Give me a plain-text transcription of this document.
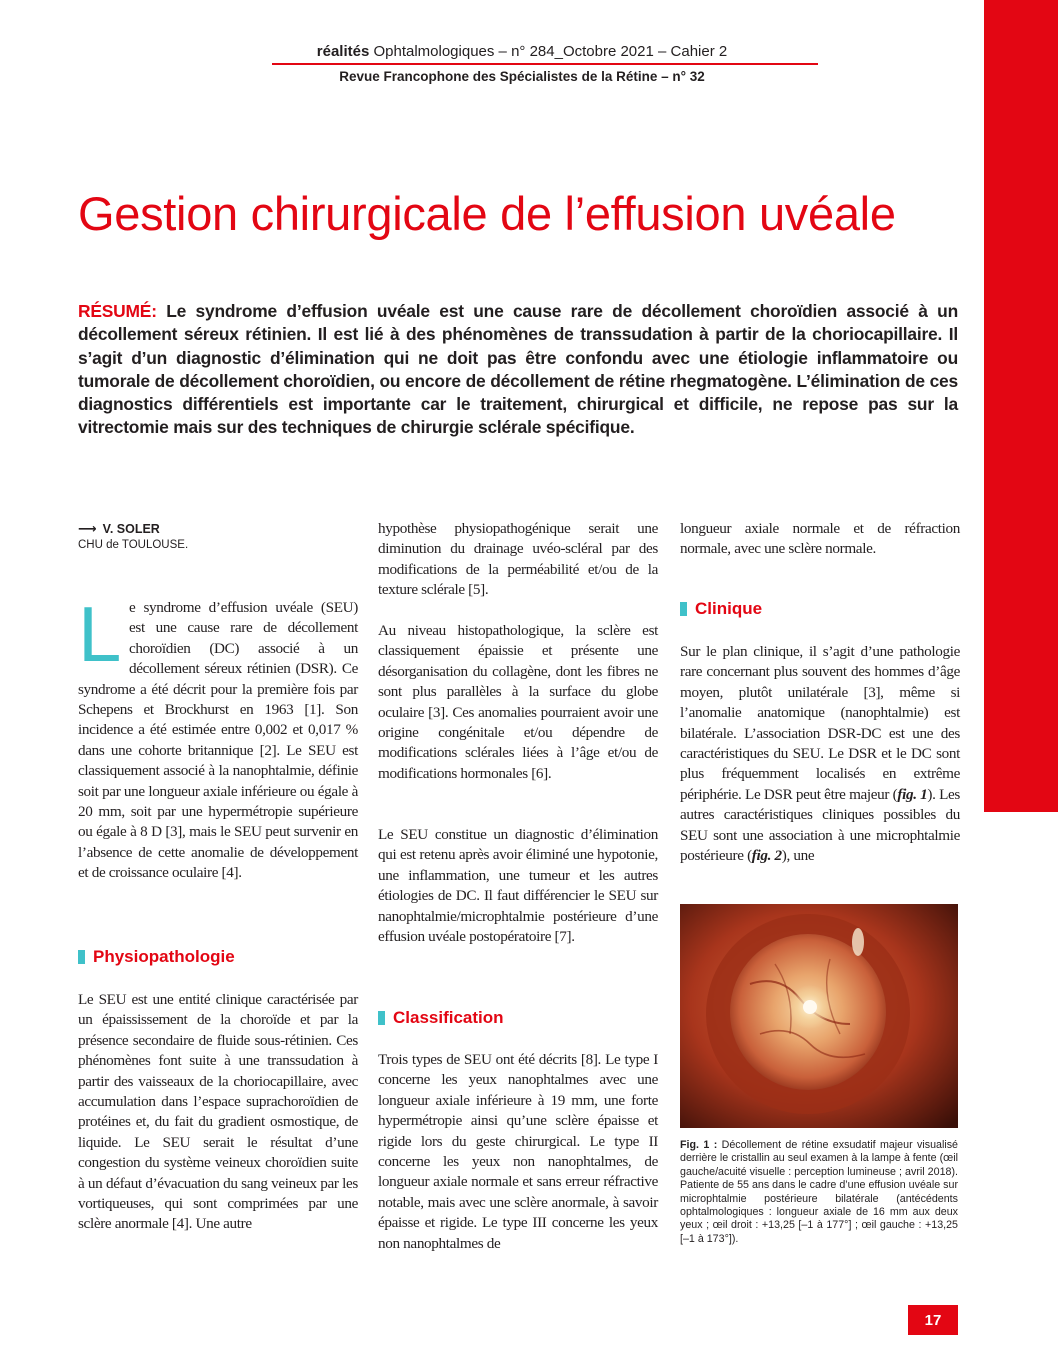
réalités Ophtalmologiques – n° 284_Octobre 2021 – Cahier 2
Revue Francophone des Spécialistes de la Rétine – n° 32
Gestion chirurgicale de l’effusion uvéale
RÉSUMÉ: Le syndrome d’effusion uvéale est une cause rare de décollement choroïdien associé à un décollement séreux rétinien. Il est lié à des phénomènes de transsudation à partir de la choriocapillaire. Il s’agit d’un diagnostic d’élimination qui ne doit pas être confondu avec une étiologie inflammatoire ou tumorale de décollement choroïdien, ou encore de décollement de rétine rhegmatogène. L’élimination de ces diagnostics différentiels est importante car le traitement, chirurgical et difficile, ne repose pas sur la vitrectomie mais sur des techniques de chirurgie sclérale spécifique.
⟶ V. SOLER
CHU de TOULOUSE.
Le syndrome d’effusion uvéale (SEU) est une cause rare de décollement choroïdien (DC) associé à un décollement séreux rétinien (DSR). Ce syndrome a été décrit pour la première fois par Schepens et Brockhurst en 1963 [1]. Son incidence a été estimée entre 0,002 et 0,017 % dans une cohorte britannique [2]. Le SEU est classiquement associé à la nanophtalmie, définie soit par une longueur axiale inférieure ou égale à 20 mm, soit par une hypermétropie supérieure ou égale à 8 D [3], mais le SEU peut survenir en l’absence de cette anomalie de développement et de croissance oculaire [4].
Physiopathologie
Le SEU est une entité clinique caractérisée par un épaississement de la choroïde et par la présence secondaire de fluide sous-rétinien. Ces phénomènes font suite à une transsudation à partir des vaisseaux de la choriocapillaire, avec accumulation dans l’espace suprachoroïdien de protéines et, du fait du gradient osmostique, de liquide. Le SEU serait le résultat d’une congestion du système veineux choroïdien suite à un défaut d’évacuation du sang veineux par les vortiqueuses, qui sont comprimées par une sclère anormale [4]. Une autre
hypothèse physiopathogénique serait une diminution du drainage uvéo-scléral par des modifications de la perméabilité et/ou de la texture sclérale [5].
Au niveau histopathologique, la sclère est classiquement épaissie et présente une désorganisation du collagène, dont les fibres ne sont plus parallèles à la surface du globe oculaire [3]. Ces anomalies pourraient avoir une origine congénitale et/ou dépendre de modifications sclérales liées à l’âge et/ou de modifications hormonales [6].
Le SEU constitue un diagnostic d’élimination qui est retenu après avoir éliminé une hypotonie, une inflammation, une tumeur et les autres étiologies de DC. Il faut différencier le SEU sur nanophtalmie/microphtalmie postérieure d’une effusion uvéale postopératoire [7].
Classification
Trois types de SEU ont été décrits [8]. Le type I concerne les yeux nanophtalmes avec une longueur axiale inférieure à 19 mm, une forte hypermétropie ainsi qu’une sclère épaisse et rigide lors du geste chirurgical. Le type II concerne les yeux non nanophtalmes, de longueur axiale normale et sans erreur réfractive notable, mais avec une sclère anormale, à savoir épaisse et rigide. Le type III concerne les yeux non nanophtalmes de
longueur axiale normale et de réfraction normale, avec une sclère normale.
Clinique
Sur le plan clinique, il s’agit d’une pathologie rare concernant plus souvent des hommes d’âge moyen, plutôt unilatérale [3], même si l’anomalie anatomique (nanophtalmie) est bilatérale. L’association DSR-DC est une des caractéristiques du SEU. Le DSR et le DC sont plus fréquemment localisés en extrême périphérie. Le DSR peut être majeur (fig. 1). Les autres caractéristiques cliniques possibles du SEU sont une association à une microphtalmie postérieure (fig. 2), une
Fig. 1 : Décollement de rétine exsudatif majeur visualisé derrière le cristallin au seul examen à la lampe à fente (œil gauche/acuité visuelle : perception lumineuse ; avril 2018). Patiente de 55 ans dans le cadre d’une effusion uvéale sur microphtalmie postérieure bilatérale (antécédents ophtalmologiques : longueur axiale de 16 mm aux deux yeux ; œil droit : +13,25 [–1 à 177°] ; œil gauche : +13,25 [–1 à 173°]).
17
